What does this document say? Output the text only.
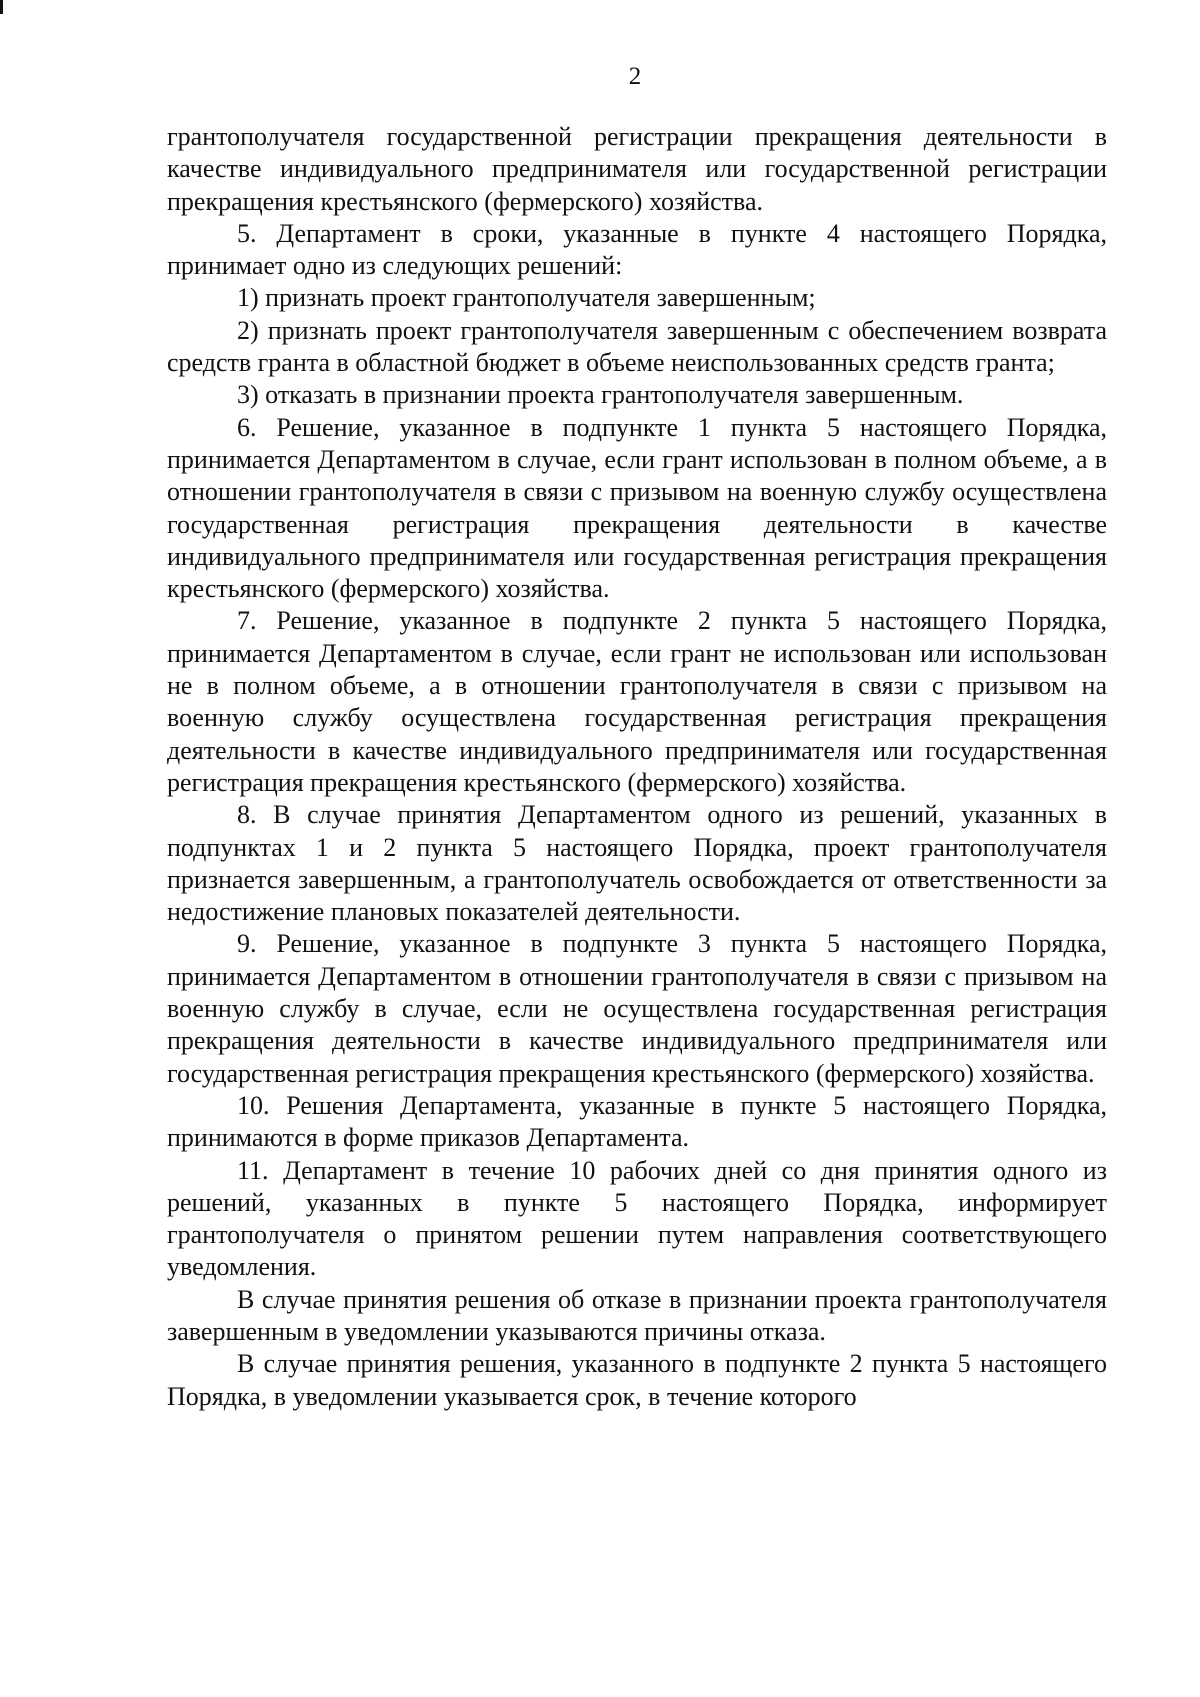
2

грантополучателя государственной регистрации прекращения деятельности в качестве индивидуального предпринимателя или государственной регистрации прекращения крестьянского (фермерского) хозяйства.

5. Департамент в сроки, указанные в пункте 4 настоящего Порядка, принимает одно из следующих решений:

1) признать проект грантополучателя завершенным;

2) признать проект грантополучателя завершенным с обеспечением возврата средств гранта в областной бюджет в объеме неиспользованных средств гранта;

3) отказать в признании проекта грантополучателя завершенным.

6. Решение, указанное в подпункте 1 пункта 5 настоящего Порядка, принимается Департаментом в случае, если грант использован в полном объеме, а в отношении грантополучателя в связи с призывом на военную службу осуществлена государственная регистрация прекращения деятельности в качестве индивидуального предпринимателя или государственная регистрация прекращения крестьянского (фермерского) хозяйства.

7. Решение, указанное в подпункте 2 пункта 5 настоящего Порядка, принимается Департаментом в случае, если грант не использован или использован не в полном объеме, а в отношении грантополучателя в связи с призывом на военную службу осуществлена государственная регистрация прекращения деятельности в качестве индивидуального предпринимателя или государственная регистрация прекращения крестьянского (фермерского) хозяйства.

8. В случае принятия Департаментом одного из решений, указанных в подпунктах 1 и 2 пункта 5 настоящего Порядка, проект грантополучателя признается завершенным, а грантополучатель освобождается от ответственности за недостижение плановых показателей деятельности.

9. Решение, указанное в подпункте 3 пункта 5 настоящего Порядка, принимается Департаментом в отношении грантополучателя в связи с призывом на военную службу в случае, если не осуществлена государственная регистрация прекращения деятельности в качестве индивидуального предпринимателя или государственная регистрация прекращения крестьянского (фермерского) хозяйства.

10. Решения Департамента, указанные в пункте 5 настоящего Порядка, принимаются в форме приказов Департамента.

11. Департамент в течение 10 рабочих дней со дня принятия одного из решений, указанных в пункте 5 настоящего Порядка, информирует грантополучателя о принятом решении путем направления соответствующего уведомления.

В случае принятия решения об отказе в признании проекта грантополучателя завершенным в уведомлении указываются причины отказа.

В случае принятия решения, указанного в подпункте 2 пункта 5 настоящего Порядка, в уведомлении указывается срок, в течение которого
